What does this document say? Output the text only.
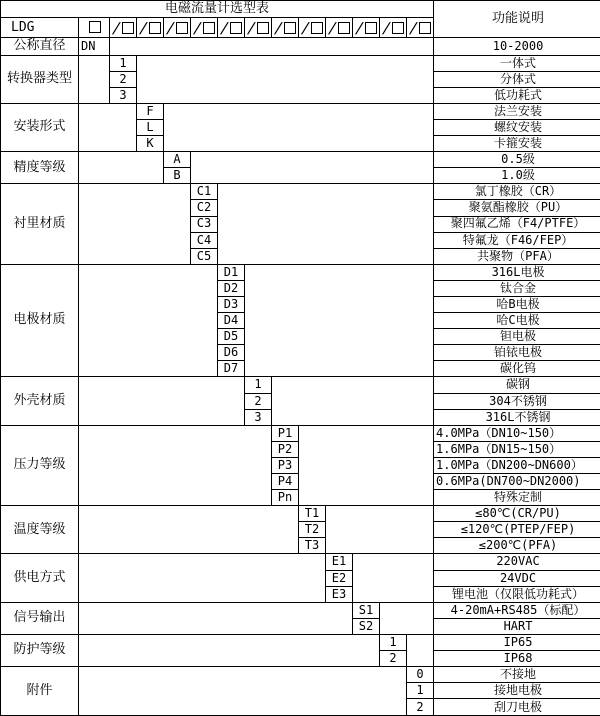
电磁流量计选型表														功能说明
LDG		/	/	/	/	/	/	/	/	/	/	/	/	
公称直径	DN													10-2000
转换器类型		1												一体式
		2												分体式
		3												低功耗式
安装形式			F											法兰安装
			L											螺纹安装
			K											卡箍安装
精度等级				A										0.5级
				B										1.0级
衬里材质					C1									氯丁橡胶（CR）
					C2									聚氨酯橡胶（PU）
					C3									聚四氟乙烯（F4/PTFE）
					C4									特氟龙（F46/FEP）
					C5									共聚物（PFA）
电极材质						D1								316L电极
						D2								钛合金
						D3								哈B电极
						D4								哈C电极
						D5								钽电极
						D6								铂铱电极
						D7								碳化钨
外壳材质							1							碳钢
							2							304不锈钢
							3							316L不锈钢
压力等级								P1						4.0MPa（DN10~150）
								P2						1.6MPa（DN15~150）
								P3						1.0MPa（DN200~DN600）
								P4						0.6MPa(DN700~DN2000)
								Pn						特殊定制
温度等级									T1					≤80℃(CR/PU)
									T2					≤120℃(PTEP/FEP)
									T3					≤200℃(PFA)
供电方式										E1				220VAC
										E2				24VDC
										E3				锂电池（仅限低功耗式）
信号输出											S1			4-20mA+RS485（标配）
											S2			HART
防护等级												1		IP65
												2		IP68
附件													0	不接地
													1	接地电极
													2	刮刀电极
